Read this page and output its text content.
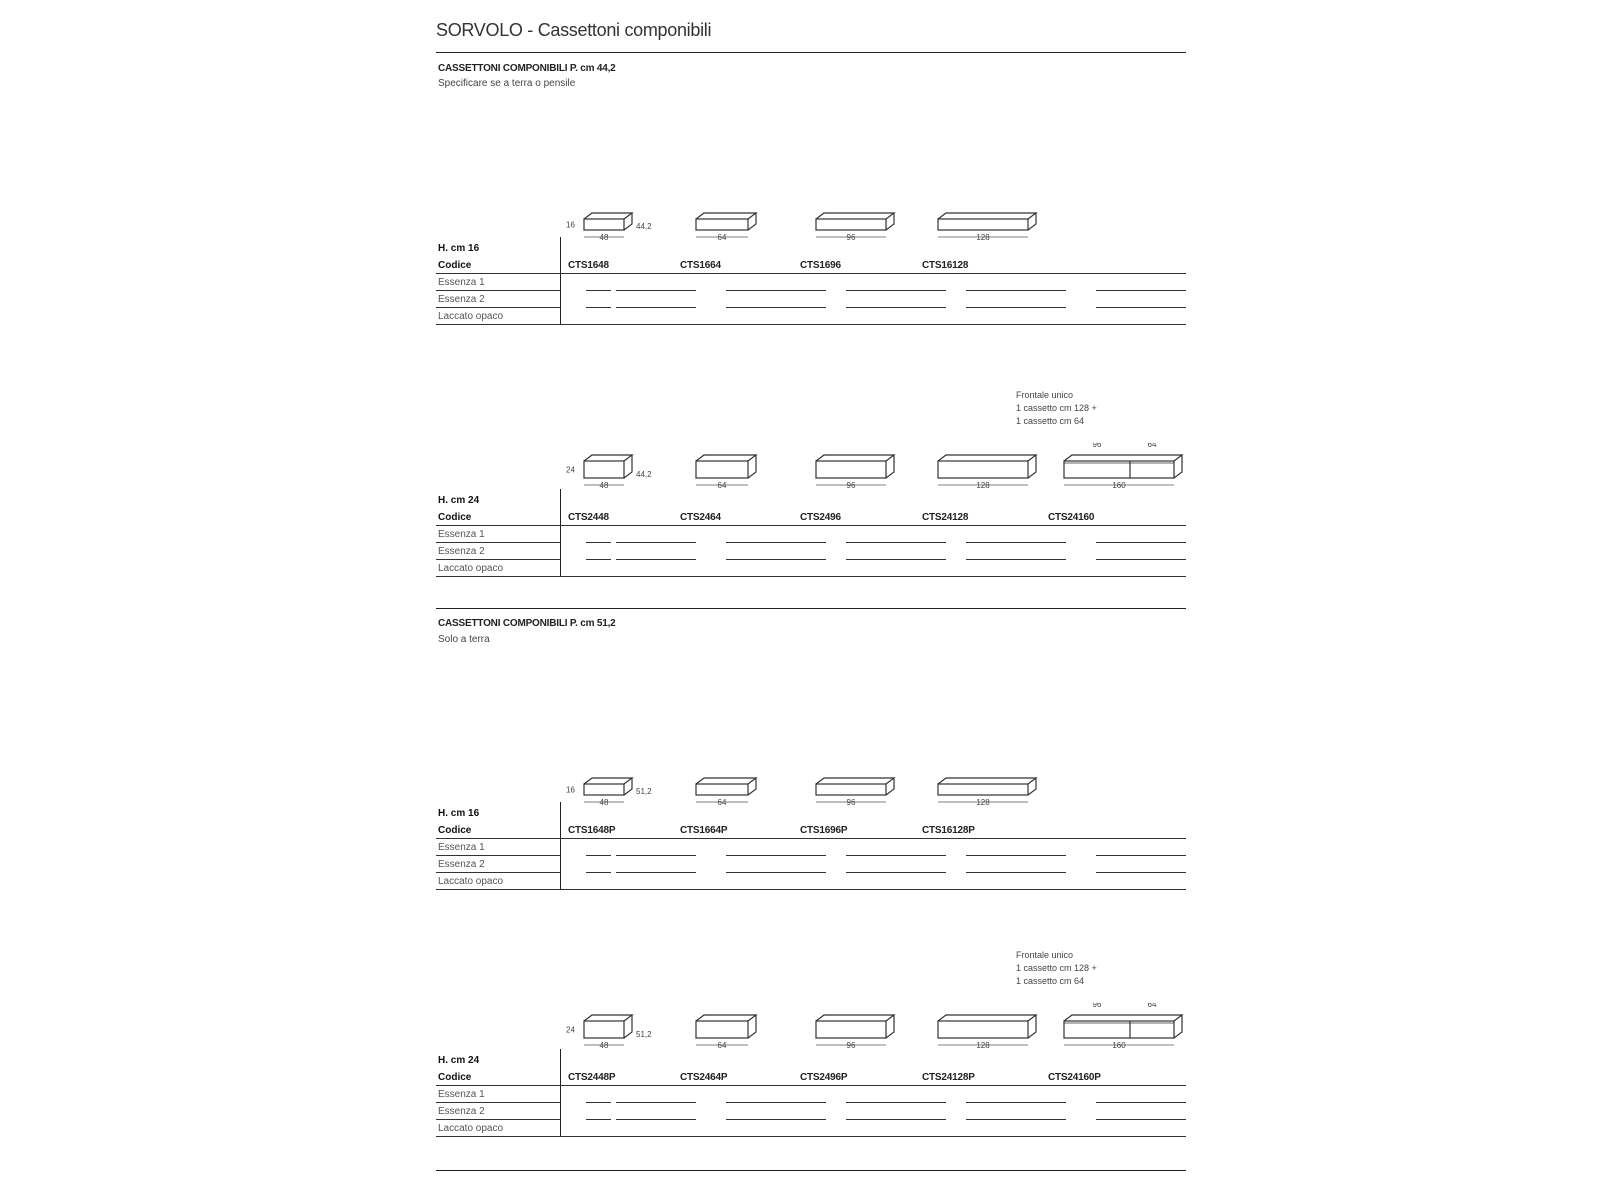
SORVOLO - Cassettoni componibili
CASSETTONI COMPONIBILI P. cm 44,2
Specificare se a terra o pensile
CASSETTONI COMPONIBILI P. cm 51,2
Solo a terra
48
16	44,2
64	96	128
H. cm 16
Codice	CTS1648	CTS1664	CTS1696	CTS16128
Essenza 1
Essenza 2
Laccato opaco
Frontale unico
1 cassetto cm 128 +
1 cassetto cm 64
48
24	44,2
64	96	128	160
96	64
H. cm 24
Codice	CTS2448	CTS2464	CTS2496	CTS24128	CTS24160
Essenza 1
Essenza 2
Laccato opaco
48
16	51,2
64	96	128
H. cm 16
Codice	CTS1648P	CTS1664P	CTS1696P	CTS16128P
Essenza 1
Essenza 2
Laccato opaco
Frontale unico
1 cassetto cm 128 +
1 cassetto cm 64
48
24	51,2
64	96	128	160
96	64
H. cm 24
Codice	CTS2448P	CTS2464P	CTS2496P	CTS24128P	CTS24160P
Essenza 1
Essenza 2
Laccato opaco
